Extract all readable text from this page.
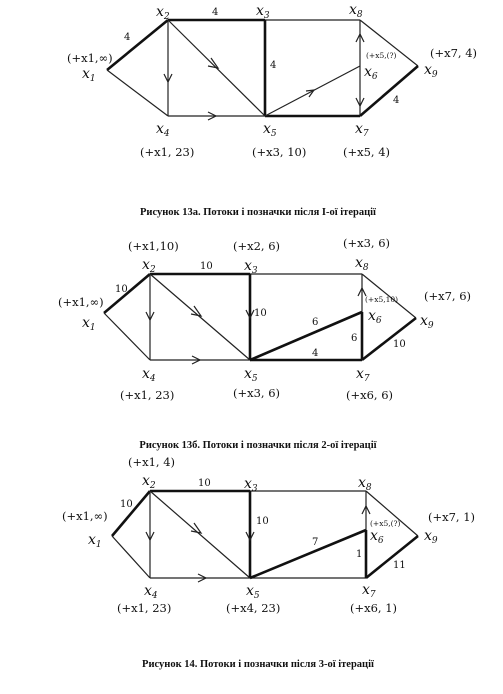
$x_1$
$x_2$	$x_3$	$x_8$
$x_6$	$x_9$
$x_4$	$x_5$	$x_7$
(+x1,∞)	(+x5,(?)	(+x7, 4)
(+x1, 23)	(+x3, 10)	(+x5, 4)
4
4
4
4
Рисунок 13а. Потоки і позначки після І-ої ітерації
$x_1$
$x_2$	$x_3$	$x_8$
$x_6$	$x_9$
$x_4$	$x_5$	$x_7$
(+x1,10)	(+x2, 6)	(+x3, 6)
(+x1,∞)	(+x5,10) (+x7, 6)
(+x1, 23)	(+x3, 6)	(+x6, 6)
10
10
10
6
4
6
10
Рисунок 13б. Потоки і позначки після 2-ої ітерації
$x_1$
$x_2$	$x_3$	$x_8$
$x_6$	$x_9$
$x_4$	$x_5$	$x_7$
(+x1, 4)
(+x1,∞)
(+x5,(?) (+x7, 1)
(+x1, 23)	(+x4, 23)	(+x6, 1)
10
10
10
7
1
11
Рисунок 14. Потоки і позначки після 3-ої ітерації
